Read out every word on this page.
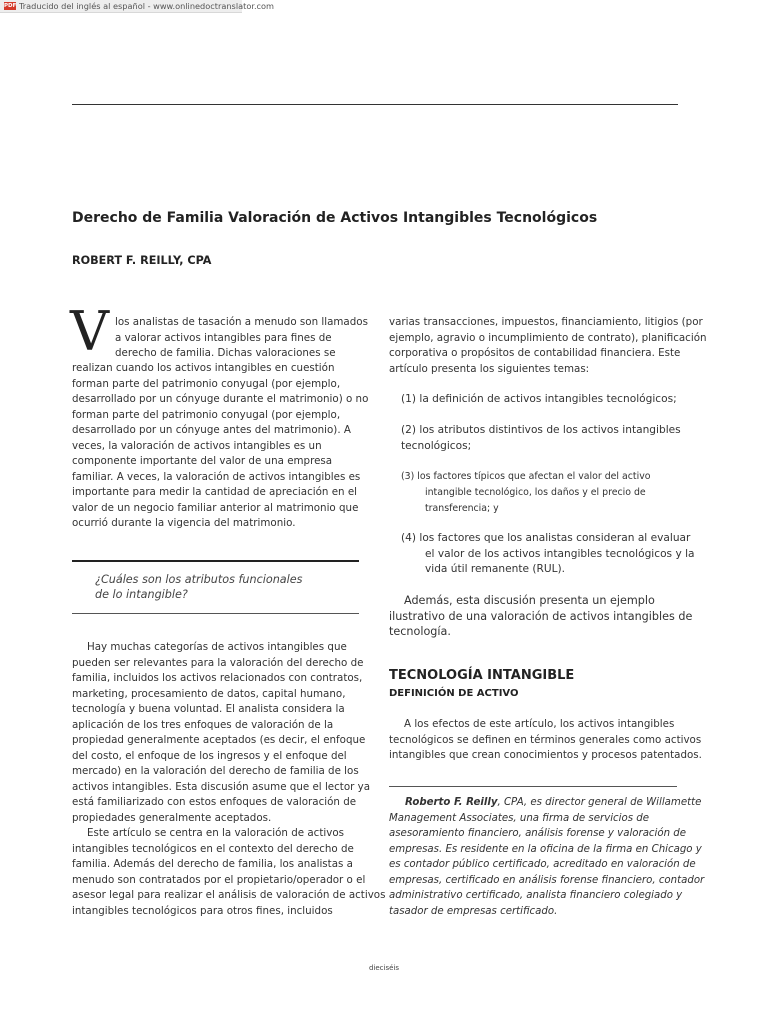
PDF Traducido del inglés al español - www.onlinedoctranslator.com
Derecho de Familia Valoración de Activos Intangibles Tecnológicos
ROBERT F. REILLY, CPA
V los analistas de tasación a menudo son llamados
a valorar activos intangibles para fines de
derecho de familia. Dichas valoraciones se
realizan cuando los activos intangibles en cuestión
forman parte del patrimonio conyugal (por ejemplo,
desarrollado por un cónyuge durante el matrimonio) o no
forman parte del patrimonio conyugal (por ejemplo,
desarrollado por un cónyuge antes del matrimonio). A
veces, la valoración de activos intangibles es un
componente importante del valor de una empresa
familiar. A veces, la valoración de activos intangibles es
importante para medir la cantidad de apreciación en el
valor de un negocio familiar anterior al matrimonio que
ocurrió durante la vigencia del matrimonio.
¿Cuáles son los atributos funcionales
de lo intangible?
Hay muchas categorías de activos intangibles que
pueden ser relevantes para la valoración del derecho de
familia, incluidos los activos relacionados con contratos,
marketing, procesamiento de datos, capital humano,
tecnología y buena voluntad. El analista considera la
aplicación de los tres enfoques de valoración de la
propiedad generalmente aceptados (es decir, el enfoque
del costo, el enfoque de los ingresos y el enfoque del
mercado) en la valoración del derecho de familia de los
activos intangibles. Esta discusión asume que el lector ya
está familiarizado con estos enfoques de valoración de
propiedades generalmente aceptados.
Este artículo se centra en la valoración de activos
intangibles tecnológicos en el contexto del derecho de
familia. Además del derecho de familia, los analistas a
menudo son contratados por el propietario/operador o el
asesor legal para realizar el análisis de valoración de activos
intangibles tecnológicos para otros fines, incluidos
varias transacciones, impuestos, financiamiento, litigios (por
ejemplo, agravio o incumplimiento de contrato), planificación
corporativa o propósitos de contabilidad financiera. Este
artículo presenta los siguientes temas:
(1) la definición de activos intangibles tecnológicos;
(2) los atributos distintivos de los activos intangibles
tecnológicos;
(3) los factores típicos que afectan el valor del activo
intangible tecnológico, los daños y el precio de
transferencia; y
(4) los factores que los analistas consideran al evaluar
el valor de los activos intangibles tecnológicos y la
vida útil remanente (RUL).
Además, esta discusión presenta un ejemplo
ilustrativo de una valoración de activos intangibles de
tecnología.
TECNOLOGÍA INTANGIBLE
DEFINICIÓN DE ACTIVO
A los efectos de este artículo, los activos intangibles
tecnológicos se definen en términos generales como activos
intangibles que crean conocimientos y procesos patentados.
Roberto F. Reilly, CPA, es director general de Willamette
Management Associates, una firma de servicios de
asesoramiento financiero, análisis forense y valoración de
empresas. Es residente en la oficina de la firma en Chicago y
es contador público certificado, acreditado en valoración de
empresas, certificado en análisis forense financiero, contador
administrativo certificado, analista financiero colegiado y
tasador de empresas certificado.
dieciséis
